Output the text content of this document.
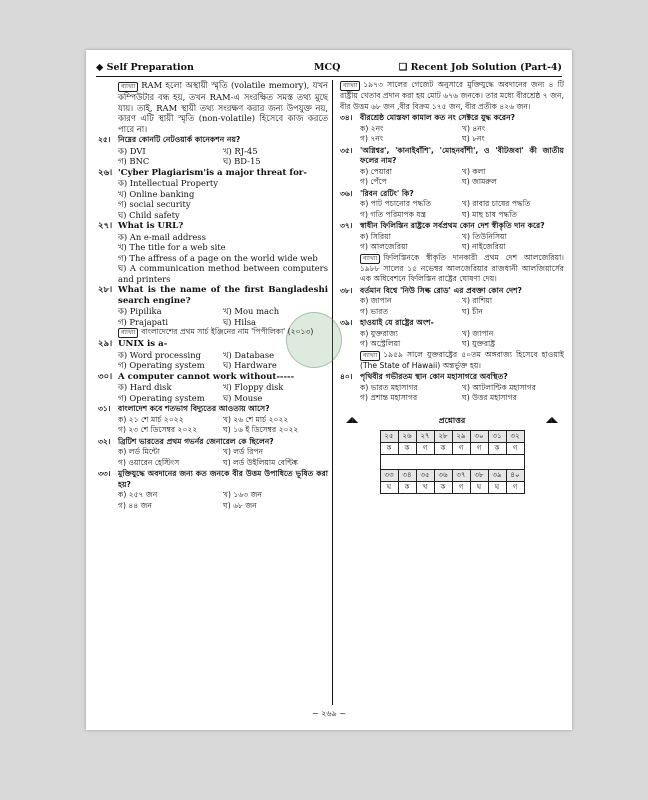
◆ Self Preparation	MCQ	❑ Recent Job Solution (Part-4)
ব্যাখ্যা RAM হলো অস্থায়ী স্মৃতি (volatile memory), যখন কম্পিউটার বন্ধ হয়, তখন RAM-এ সংরক্ষিত সমস্ত তথ্য মুছে যায়। তাই, RAM স্থায়ী তথ্য সংরক্ষণ করার জন্য উপযুক্ত নয়, কারণ এটি স্থায়ী স্মৃতি (non-volatile) হিসেবে কাজ করতে পারে না।
২৫। নিম্নের কোনটি নেটওয়ার্ক কানেকশন নয়?
ক) DVI	খ) RJ-45
গ) BNC	ঘ) BD-15
২৬। 'Cyber Plagiarism'is a major threat for-
ক) Intellectual Property
খ) Online banking
গ) social security
ঘ) Child safety
২৭। What is URL?
ক) An e-mail address
খ) The title for a web site
গ) The affress of a page on the world wide web
ঘ) A communication method between computers and printers
২৮। What is the name of the first Bangladeshi search engine?
ক) Pipilika	খ) Mou mach
গ) Prajapati	ঘ) Hilsa
ব্যাখ্যা বাংলাদেশের প্রথম সার্চ ইঞ্জিনের নাম 'পিপীলিকা' (২০১৩)
২৯। UNIX is a-
ক) Word processing	খ) Database
গ) Operating system	ঘ) Hardware
৩০। A computer cannot work without-----
ক) Hard disk	খ) Floppy disk
গ) Operating system	ঘ) Mouse
৩১। বাংলাদেশ কবে শতভাগ বিদ্যুতের আওতায় আসে?
ক) ২১ শে মার্চ ২০২২	খ) ২৬ শে মার্চ ২০২২
গ) ২৩ শে ডিসেম্বর ২০২২	ঘ) ১৬ ই ডিসেম্বর ২০২২
৩২। ব্রিটিশ ভারতের প্রথম গভর্নর জেনারেল কে ছিলেন?
ক) লর্ড মিন্টো	খ) লর্ড রিপন
গ) ওয়ারেন হেস্টিংস	ঘ) লর্ড উইলিয়াম বেন্টিঙ্ক
৩৩। মুক্তিযুদ্ধে অবদানের জন্য কত জনকে বীর উত্তম উপাধিতে ভূষিত করা হয়?
ক) ২৫৭ জন	খ) ১৬৩ জন
গ) ৪৪ জন	ঘ) ৬৮ জন
ব্যাখ্যা ১৯৭৩ সালের গেজেট অনুসারে মুক্তিযুদ্ধে অবদানের জন্য ৪ টি রাষ্ট্রীয় খেতাব প্রদান করা হয় মোট ৬৭৬ জনকে। তার মধ্যে বীরশ্রেষ্ঠ ৭ জন, বীর উত্তম ৬৮ জন ,বীর বিক্রম ১৭৫ জন, বীর প্রতীক ৪২৬ জন।
৩৪। বীরশ্রেষ্ঠ মোস্তফা কামাল কত নং সেক্টরে যুদ্ধ করেন?
ক) ২নং	খ) ৪নং
গ) ৭নং	ঘ) ৮নং
৩৫। 'অগ্নিশ্বর', 'কানাইবাঁশি', 'মোহনবাঁশী', ও 'বীটজবা' কী জাতীয় ফলের নাম?
ক) পেয়ারা	খ) কলা
গ) পেঁপে	ঘ) জামরুল
৩৬। 'রিবন রেটিং' কি?
ক) পাট পচানোর পদ্ধতি	খ) রাবার চাষের পদ্ধতি
গ) গতি পরিমাপক যন্ত্র	ঘ) মাছ চাষ পদ্ধতি
৩৭। স্বাধীন ফিলিস্তিন রাষ্ট্রকে সর্বপ্রথম কোন দেশ স্বীকৃতি দান করে?
ক) সিরিয়া	খ) তিউনিসিয়া
গ) আলজেরিয়া	ঘ) নাইজেরিয়া
ব্যাখ্যা ফিলিস্তিনকে স্বীকৃতি দানকারী প্রথম দেশ আলজেরিয়া। ১৯৮৮ সালের ১৫ নভেম্বর আলজেরিয়ার রাজধানী আলজিয়ার্সের এক অধিবেশনে ফিলিস্তিন রাষ্ট্রের ঘোষণা দেয়।
৩৮। বর্তমান বিশ্বে 'নিউ সিল্ক রোড' এর প্রবক্তা কোন দেশ?
ক) জাপান	খ) রাশিয়া
গ) ভারত	ঘ) চীন
৩৯। হাওয়াই যে রাষ্ট্রের অংশ-
ক) যুক্তরাজ্য	খ) জাপান
গ) অস্ট্রেলিয়া	ঘ) যুক্তরাষ্ট্র
ব্যাখ্যা ১৯৫৯ সালে যুক্তরাষ্ট্রের ৫০তম অঙ্গরাজ্য হিসেবে হাওয়াই (The State of Hawaii) অন্তর্ভুক্ত হয়।
৪০। পৃথিবীর গভীরতম স্থান কোন মহাসাগরে অবস্থিত?
ক) ভারত মহাসাগর	খ) আটলান্টিক মহাসাগর
গ) প্রশান্ত মহাসাগর	ঘ) উত্তর মহাসাগর
◢◣	প্রশ্নোত্তর	◢◣
২৫	২৬	২৭	২৮	২৯	৩০	৩১	৩২
ক	ক	গ	ক	গ	গ	ক	গ

৩৩	৩৪	৩৫	৩৬	৩৭	৩৮	৩৯	৪০
ঘ	ক	খ	ক	গ	ঘ	ঘ	গ
~ ২৬৯ ~
